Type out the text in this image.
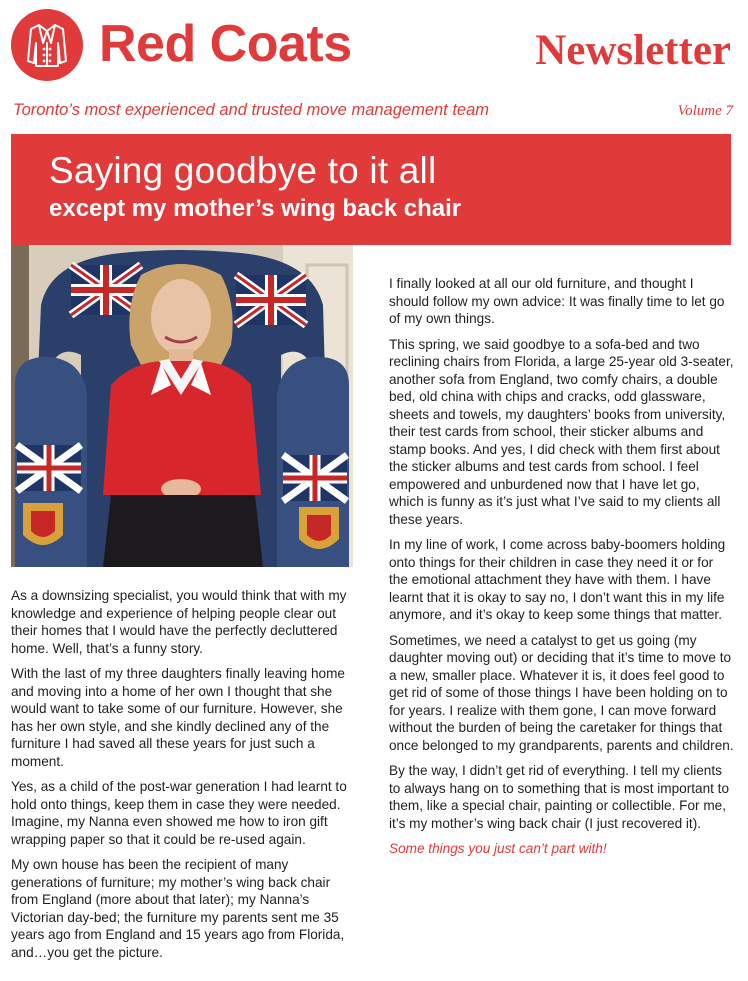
Red Coats	Newsletter
Toronto’s most experienced and trusted move management team	Volume 7
Saying goodbye to it all
except my mother’s wing back chair

As a downsizing specialist, you would think that with my knowledge and experience of helping people clear out their homes that I would have the perfectly decluttered home. Well, that’s a funny story.

With the last of my three daughters finally leaving home and moving into a home of her own I thought that she would want to take some of our furniture. However, she has her own style, and she kindly declined any of the furniture I had saved all these years for just such a moment.

Yes, as a child of the post-war generation I had learnt to hold onto things, keep them in case they were needed. Imagine, my Nanna even showed me how to iron gift wrapping paper so that it could be re-used again.

My own house has been the recipient of many generations of furniture; my mother’s wing back chair from England (more about that later); my Nanna’s Victorian day-bed; the furniture my parents sent me 35 years ago from England and 15 years ago from Florida, and…you get the picture.

I finally looked at all our old furniture, and thought I should follow my own advice: It was finally time to let go of my own things.

This spring, we said goodbye to a sofa-bed and two reclining chairs from Florida, a large 25-year old 3-seater, another sofa from England, two comfy chairs, a double bed, old china with chips and cracks, odd glassware, sheets and towels, my daughters’ books from university, their test cards from school, their sticker albums and stamp books. And yes, I did check with them first about the sticker albums and test cards from school. I feel empowered and unburdened now that I have let go, which is funny as it’s just what I’ve said to my clients all these years.

In my line of work, I come across baby-boomers holding onto things for their children in case they need it or for the emotional attachment they have with them. I have learnt that it is okay to say no, I don’t want this in my life anymore, and it’s okay to keep some things that matter.

Sometimes, we need a catalyst to get us going (my daughter moving out) or deciding that it’s time to move to a new, smaller place. Whatever it is, it does feel good to get rid of some of those things I have been holding on to for years. I realize with them gone, I can move forward without the burden of being the caretaker for things that once belonged to my grandparents, parents and children.

By the way, I didn’t get rid of everything. I tell my clients to always hang on to something that is most important to them, like a special chair, painting or collectible. For me, it’s my mother’s wing back chair (I just recovered it).

Some things you just can’t part with!
